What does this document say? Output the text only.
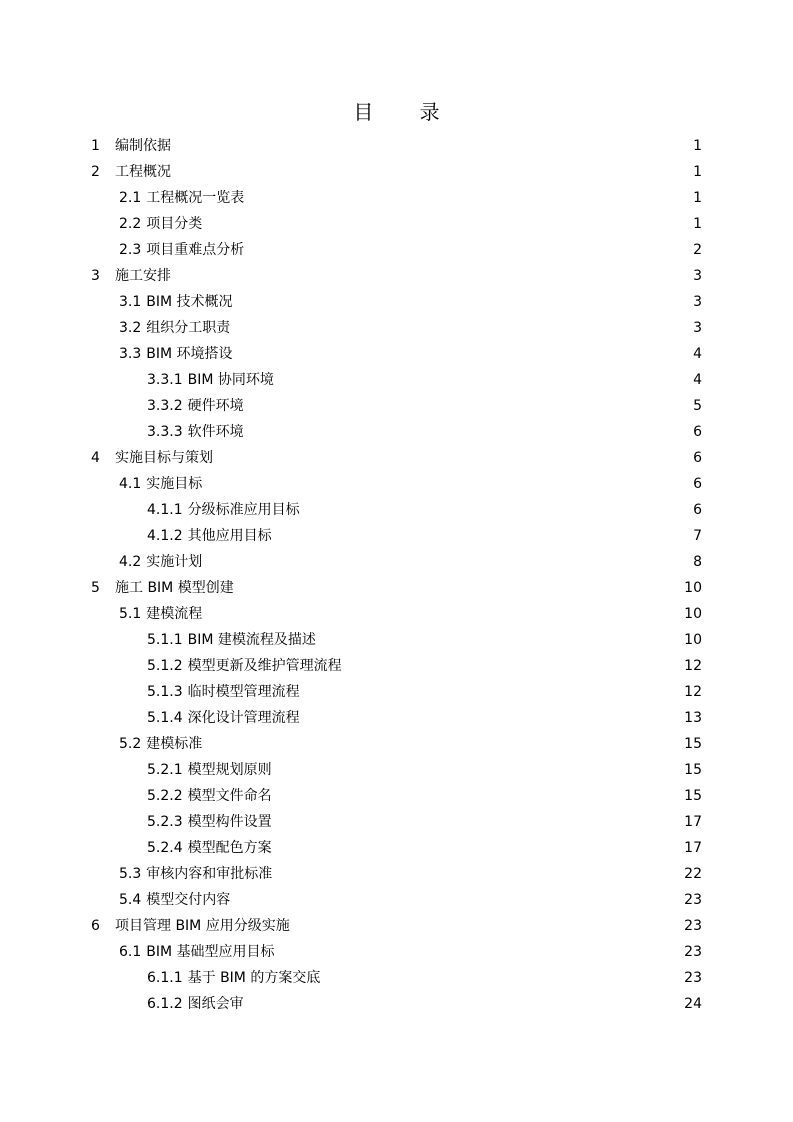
目 录
1	编制依据	1
2	工程概况	1
2.1 工程概况一览表	1
2.2 项目分类	1
2.3 项目重难点分析	2
3	施工安排	3
3.1 BIM 技术概况	3
3.2 组织分工职责	3
3.3 BIM 环境搭设	4
3.3.1 BIM 协同环境	4
3.3.2 硬件环境	5
3.3.3 软件环境	6
4	实施目标与策划	6
4.1 实施目标	6
4.1.1 分级标准应用目标	6
4.1.2 其他应用目标	7
4.2 实施计划	8
5	施工 BIM 模型创建	10
5.1 建模流程	10
5.1.1 BIM 建模流程及描述	10
5.1.2 模型更新及维护管理流程	12
5.1.3 临时模型管理流程	12
5.1.4 深化设计管理流程	13
5.2 建模标准	15
5.2.1 模型规划原则	15
5.2.2 模型文件命名	15
5.2.3 模型构件设置	17
5.2.4 模型配色方案	17
5.3 审核内容和审批标准	22
5.4 模型交付内容	23
6	项目管理 BIM 应用分级实施	23
6.1 BIM 基础型应用目标	23
6.1.1 基于 BIM 的方案交底	23
6.1.2 图纸会审	24
